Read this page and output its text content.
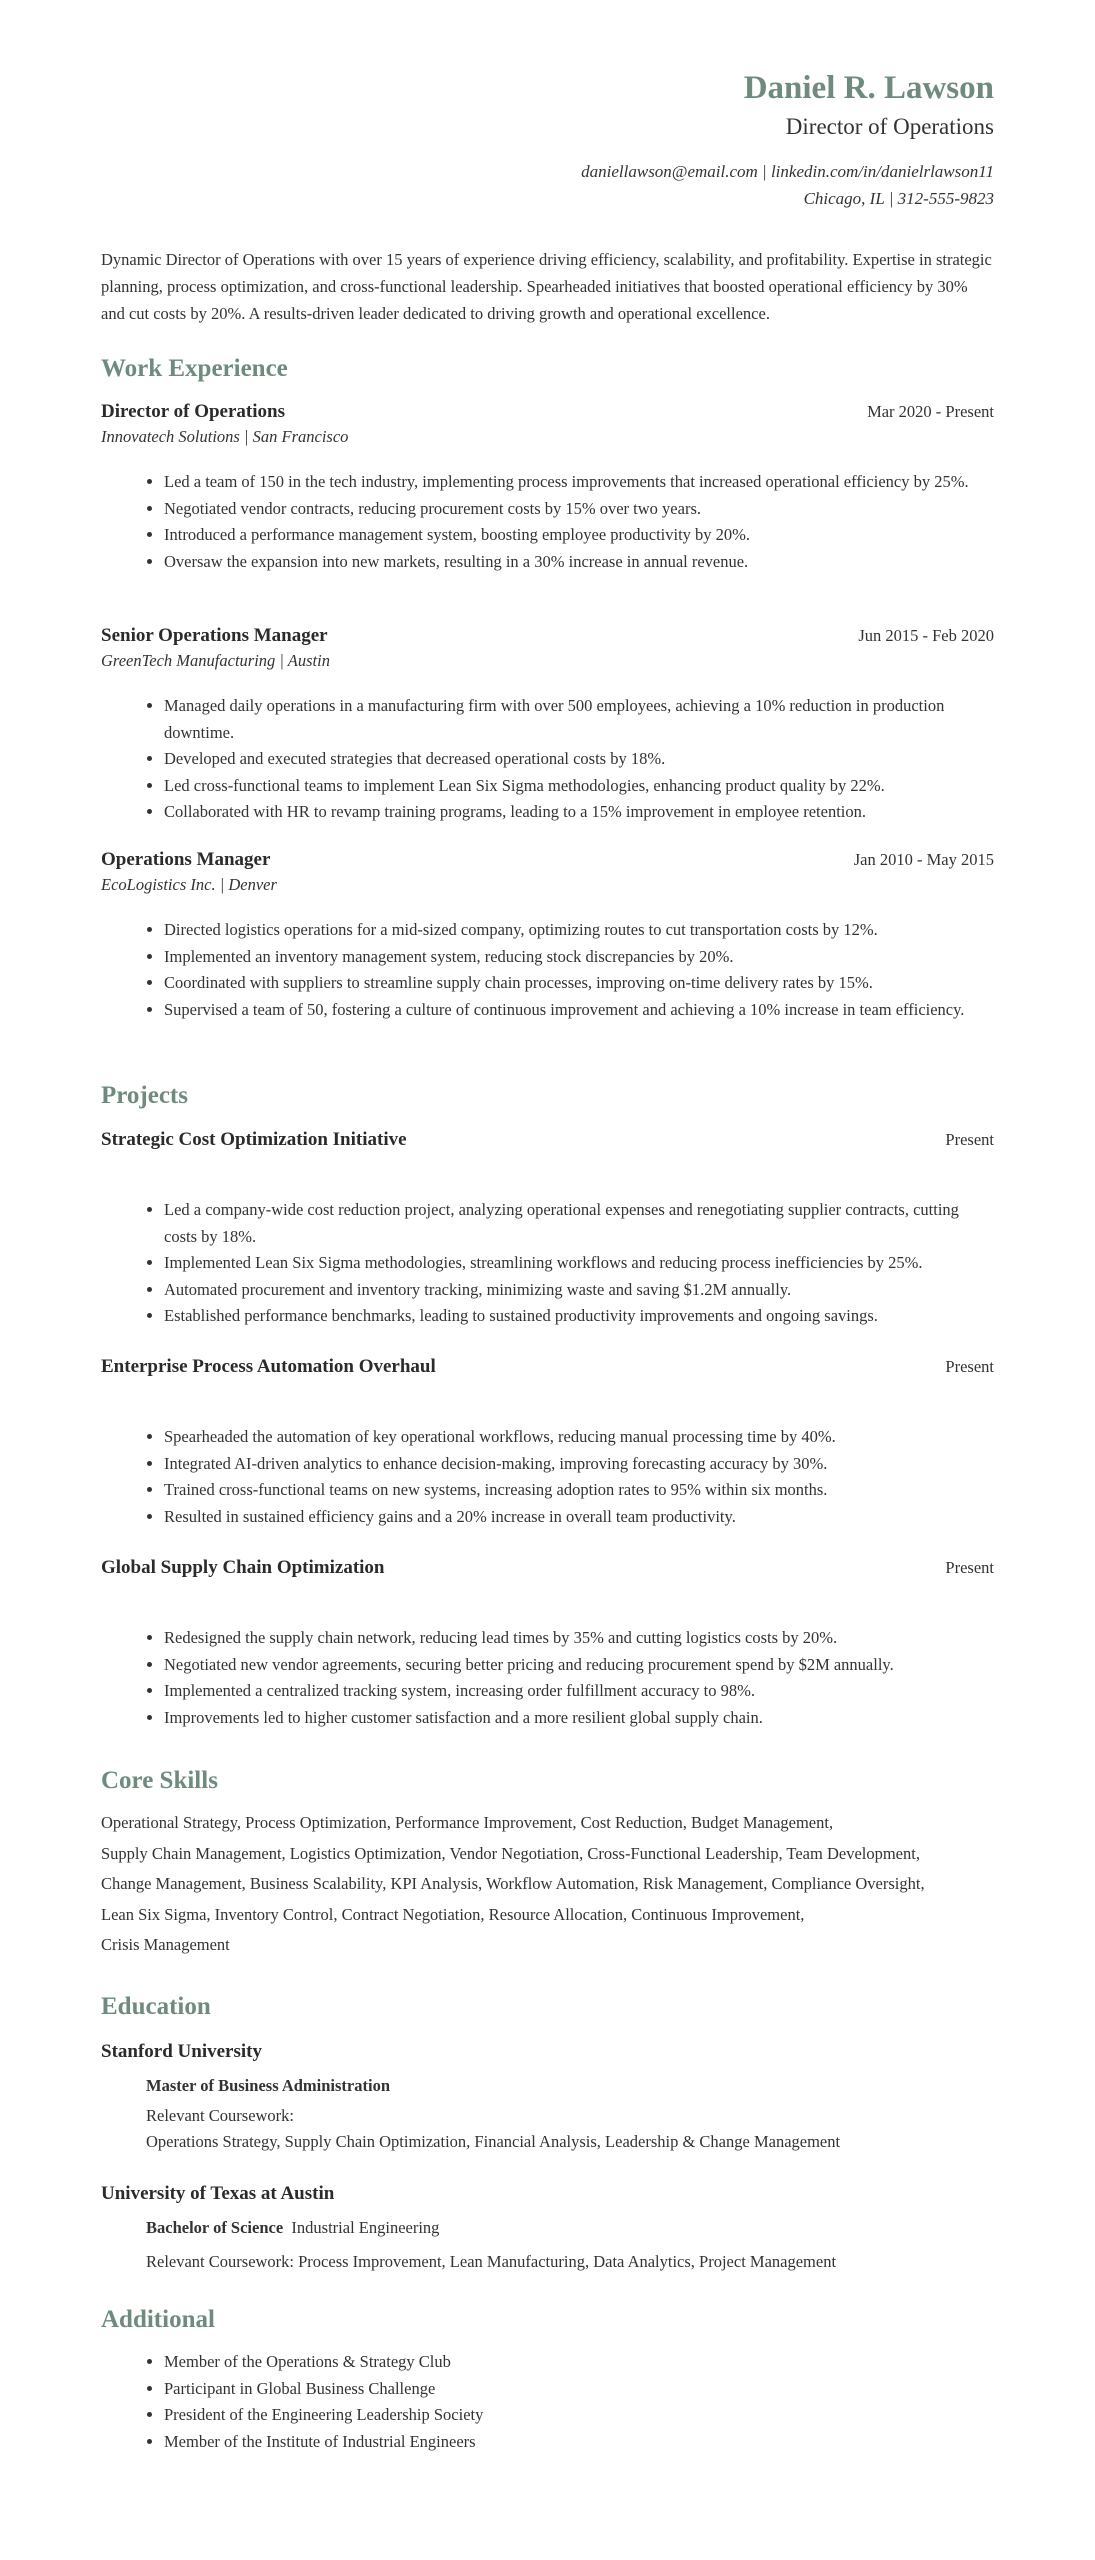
Daniel R. Lawson

Director of Operations

daniellawson@email.com | linkedin.com/in/danielrlawson11

Chicago, IL | 312-555-9823

Dynamic Director of Operations with over 15 years of experience driving efficiency, scalability, and profitability. Expertise in strategic planning, process optimization, and cross-functional leadership. Spearheaded initiatives that boosted operational efficiency by 30% and cut costs by 20%. A results-driven leader dedicated to driving growth and operational excellence.

Work Experience

Director of Operations	Mar 2020 - Present
Innovatech Solutions | San Francisco
• Led a team of 150 in the tech industry, implementing process improvements that increased operational efficiency by 25%.
• Negotiated vendor contracts, reducing procurement costs by 15% over two years.
• Introduced a performance management system, boosting employee productivity by 20%.
• Oversaw the expansion into new markets, resulting in a 30% increase in annual revenue.
Senior Operations Manager	Jun 2015 - Feb 2020
GreenTech Manufacturing | Austin
• Managed daily operations in a manufacturing firm with over 500 employees, achieving a 10% reduction in production downtime.
• Developed and executed strategies that decreased operational costs by 18%.
• Led cross-functional teams to implement Lean Six Sigma methodologies, enhancing product quality by 22%.
• Collaborated with HR to revamp training programs, leading to a 15% improvement in employee retention.
Operations Manager	Jan 2010 - May 2015
EcoLogistics Inc. | Denver
• Directed logistics operations for a mid-sized company, optimizing routes to cut transportation costs by 12%.
• Implemented an inventory management system, reducing stock discrepancies by 20%.
• Coordinated with suppliers to streamline supply chain processes, improving on-time delivery rates by 15%.
• Supervised a team of 50, fostering a culture of continuous improvement and achieving a 10% increase in team efficiency.

Projects

Strategic Cost Optimization Initiative	Present
• Led a company-wide cost reduction project, analyzing operational expenses and renegotiating supplier contracts, cutting costs by 18%.
• Implemented Lean Six Sigma methodologies, streamlining workflows and reducing process inefficiencies by 25%.
• Automated procurement and inventory tracking, minimizing waste and saving $1.2M annually.
• Established performance benchmarks, leading to sustained productivity improvements and ongoing savings.
Enterprise Process Automation Overhaul	Present
• Spearheaded the automation of key operational workflows, reducing manual processing time by 40%.
• Integrated AI-driven analytics to enhance decision-making, improving forecasting accuracy by 30%.
• Trained cross-functional teams on new systems, increasing adoption rates to 95% within six months.
• Resulted in sustained efficiency gains and a 20% increase in overall team productivity.
Global Supply Chain Optimization	Present
• Redesigned the supply chain network, reducing lead times by 35% and cutting logistics costs by 20%.
• Negotiated new vendor agreements, securing better pricing and reducing procurement spend by $2M annually.
• Implemented a centralized tracking system, increasing order fulfillment accuracy to 98%.
• Improvements led to higher customer satisfaction and a more resilient global supply chain.

Core Skills

Operational Strategy, Process Optimization, Performance Improvement, Cost Reduction, Budget Management,
Supply Chain Management, Logistics Optimization, Vendor Negotiation, Cross-Functional Leadership, Team Development,
Change Management, Business Scalability, KPI Analysis, Workflow Automation, Risk Management, Compliance Oversight,
Lean Six Sigma, Inventory Control, Contract Negotiation, Resource Allocation, Continuous Improvement,
Crisis Management

Education

Stanford University
Master of Business Administration
Relevant Coursework:
Operations Strategy, Supply Chain Optimization, Financial Analysis, Leadership & Change Management
University of Texas at Austin
Bachelor of Science Industrial Engineering
Relevant Coursework: Process Improvement, Lean Manufacturing, Data Analytics, Project Management

Additional

• Member of the Operations & Strategy Club
• Participant in Global Business Challenge
• President of the Engineering Leadership Society
• Member of the Institute of Industrial Engineers
